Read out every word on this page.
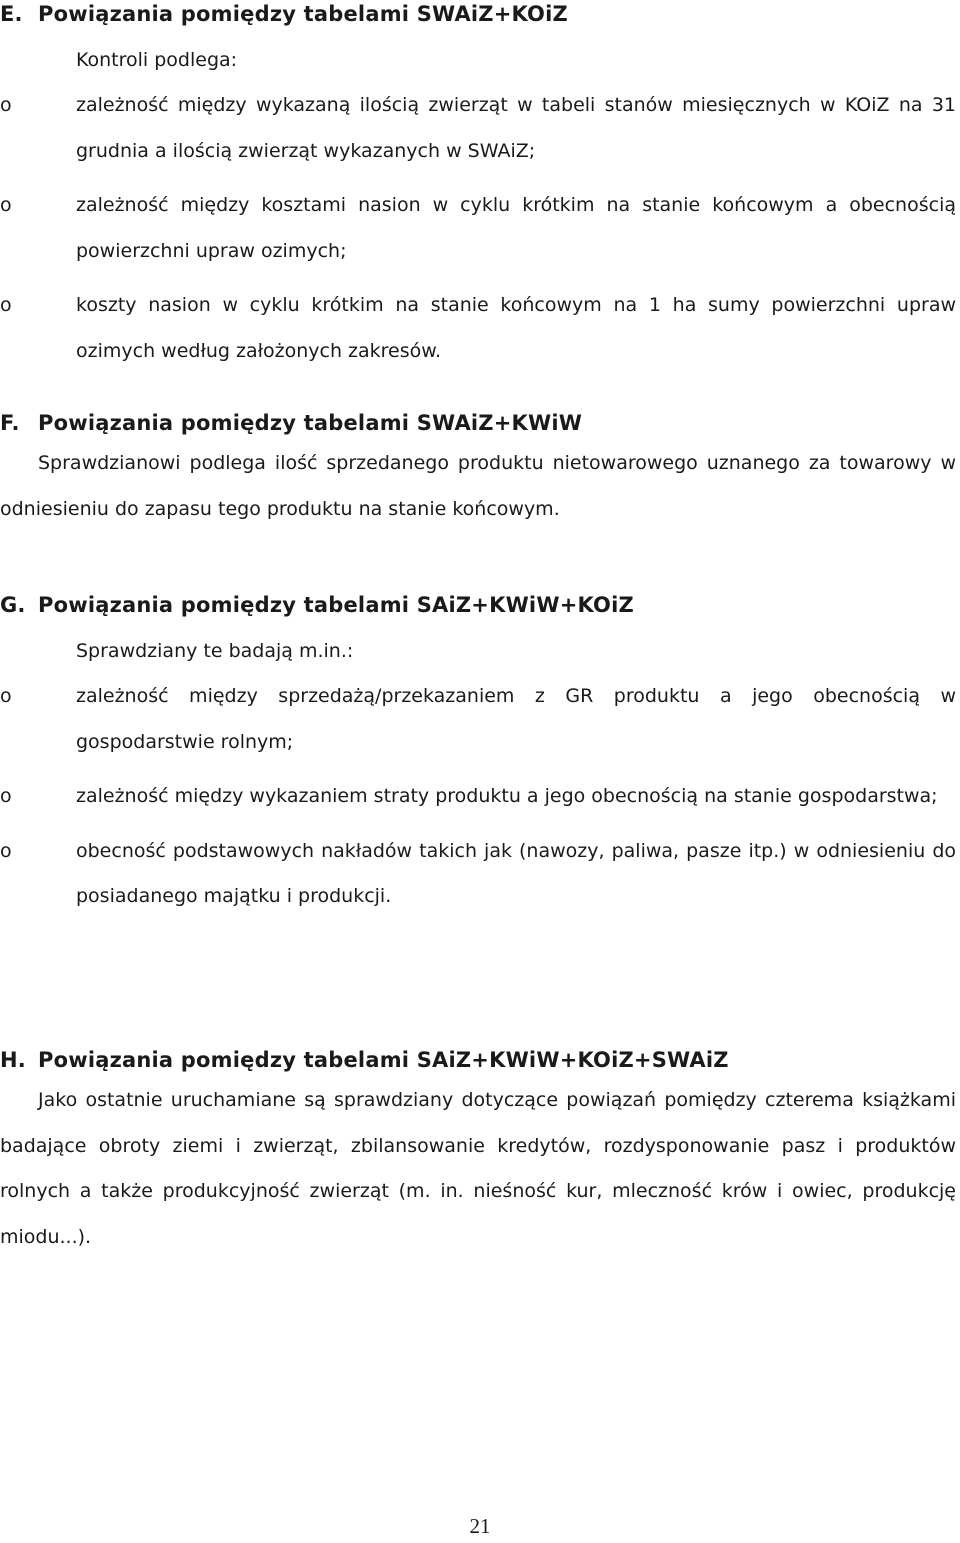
E. Powiązania pomiędzy tabelami SWAiZ+KOiZ
Kontroli podlega:
o	zależność między wykazaną ilością zwierząt w tabeli stanów miesięcznych w KOiZ na 31 grudnia a ilością zwierząt wykazanych w SWAiZ;
o	zależność między kosztami nasion w cyklu krótkim na stanie końcowym a obecnością powierzchni upraw ozimych;
o	koszty nasion w cyklu krótkim na stanie końcowym na 1 ha sumy powierzchni upraw ozimych według założonych zakresów.
F. Powiązania pomiędzy tabelami SWAiZ+KWiW

Sprawdzianowi podlega ilość sprzedanego produktu nietowarowego uznanego za towarowy w odniesieniu do zapasu tego produktu na stanie końcowym.

G. Powiązania pomiędzy tabelami SAiZ+KWiW+KOiZ
Sprawdziany te badają m.in.:
o	zależność między sprzedażą/przekazaniem z GR produktu a jego obecnością w gospodarstwie rolnym;
o	zależność między wykazaniem straty produktu a jego obecnością na stanie gospodarstwa;
o	obecność podstawowych nakładów takich jak (nawozy, paliwa, pasze itp.) w odniesieniu do posiadanego majątku i produkcji.
H. Powiązania pomiędzy tabelami SAiZ+KWiW+KOiZ+SWAiZ

Jako ostatnie uruchamiane są sprawdziany dotyczące powiązań pomiędzy czterema książkami badające obroty ziemi i zwierząt, zbilansowanie kredytów, rozdysponowanie pasz i produktów rolnych a także produkcyjność zwierząt (m. in. nieśność kur, mleczność krów i owiec, produkcję miodu...).

21
